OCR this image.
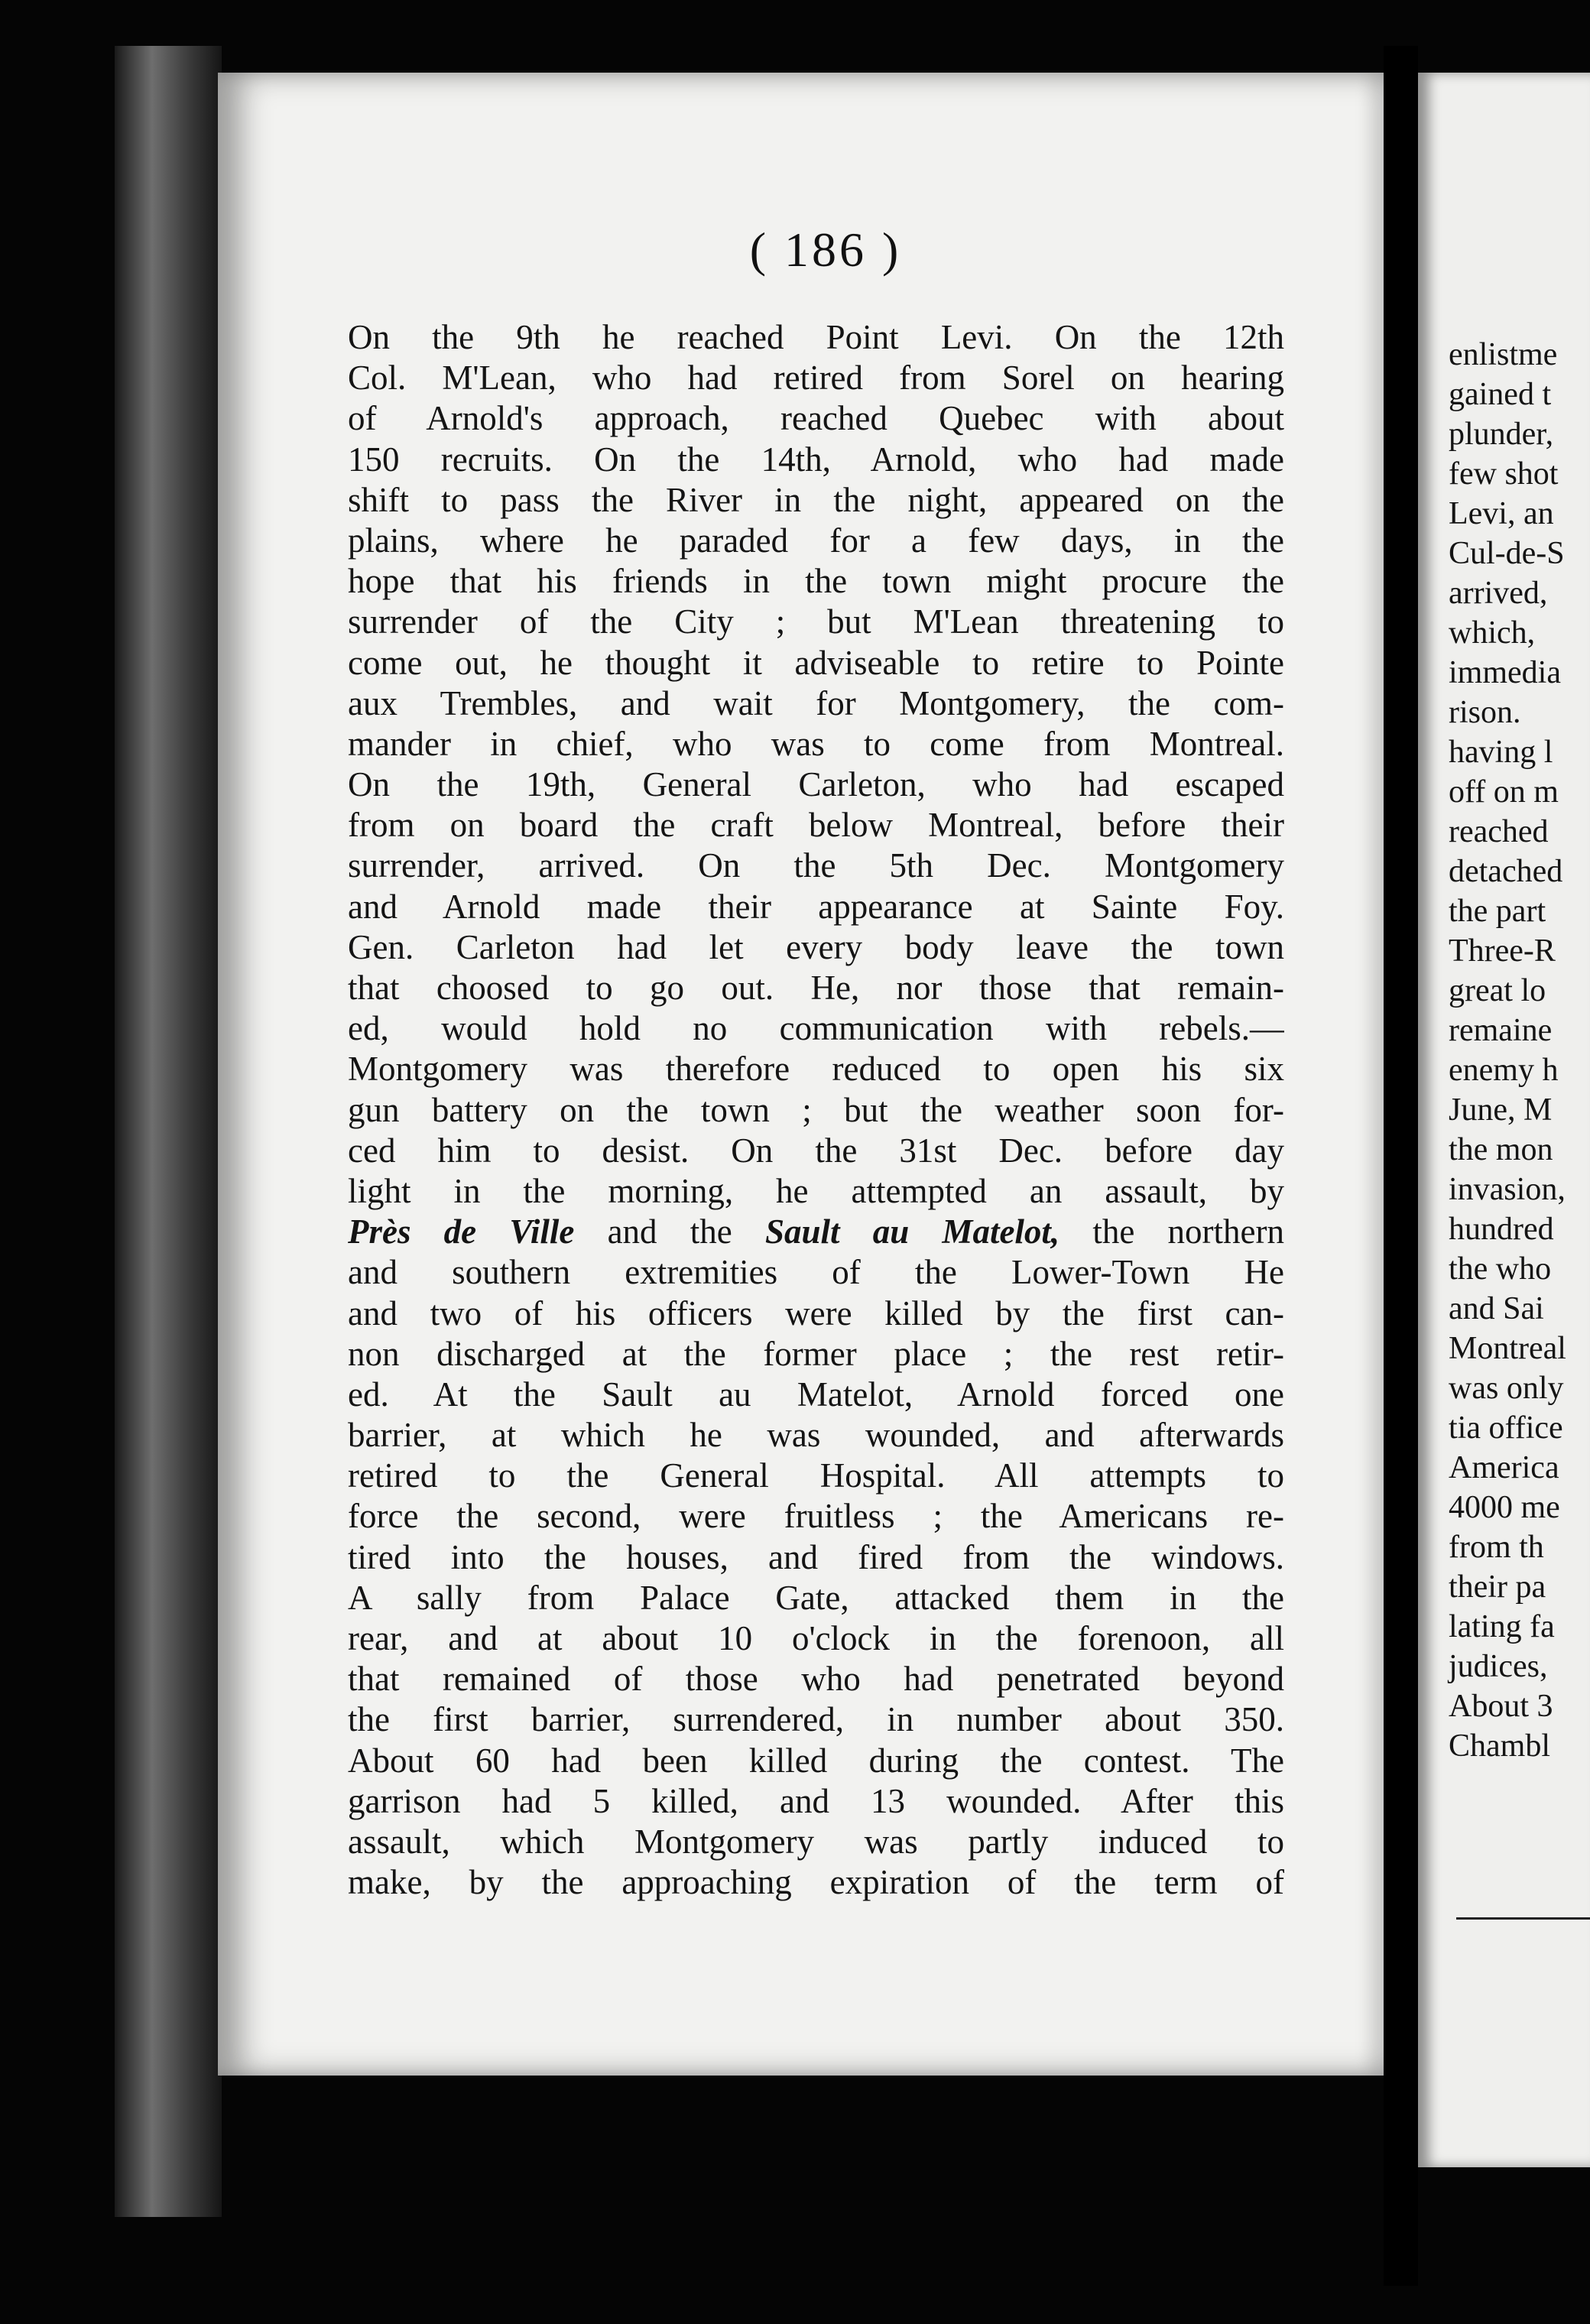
( 186 )
On the 9th he reached Point Levi. On the 12th
Col. M'Lean, who had retired from Sorel on hearing
of Arnold's approach, reached Quebec with about
150 recruits. On the 14th, Arnold, who had made
shift to pass the River in the night, appeared on the
plains, where he paraded for a few days, in the
hope that his friends in the town might procure the
surrender of the City ; but M'Lean threatening to
come out, he thought it adviseable to retire to Pointe
aux Trembles, and wait for Montgomery, the com-
mander in chief, who was to come from Montreal.
On the 19th, General Carleton, who had escaped
from on board the craft below Montreal, before their
surrender, arrived. On the 5th Dec. Montgomery
and Arnold made their appearance at Sainte Foy.
Gen. Carleton had let every body leave the town
that choosed to go out. He, nor those that remain-
ed, would hold no communication with rebels.—
Montgomery was therefore reduced to open his six
gun battery on the town ; but the weather soon for-
ced him to desist. On the 31st Dec. before day
light in the morning, he attempted an assault, by
Près de Ville and the Sault au Matelot, the northern
and southern extremities of the Lower-Town He
and two of his officers were killed by the first can-
non discharged at the former place ; the rest retir-
ed. At the Sault au Matelot, Arnold forced one
barrier, at which he was wounded, and afterwards
retired to the General Hospital. All attempts to
force the second, were fruitless ; the Americans re-
tired into the houses, and fired from the windows.
A sally from Palace Gate, attacked them in the
rear, and at about 10 o'clock in the forenoon, all
that remained of those who had penetrated beyond
the first barrier, surrendered, in number about 350.
About 60 had been killed during the contest. The
garrison had 5 killed, and 13 wounded. After this
assault, which Montgomery was partly induced to
make, by the approaching expiration of the term of
enlistme
gained t
plunder,
few shot
Levi, an
Cul-de-S
arrived,
which,
immedia
rison.
having l
off on m
reached
detached
the part
Three-R
great lo
remaine
enemy h
June, M
the mon
invasion,
hundred
the who
and Sai
Montreal
was only
tia office
America
4000 me
from th
their pa
lating fa
judices,
About 3
Chambl
